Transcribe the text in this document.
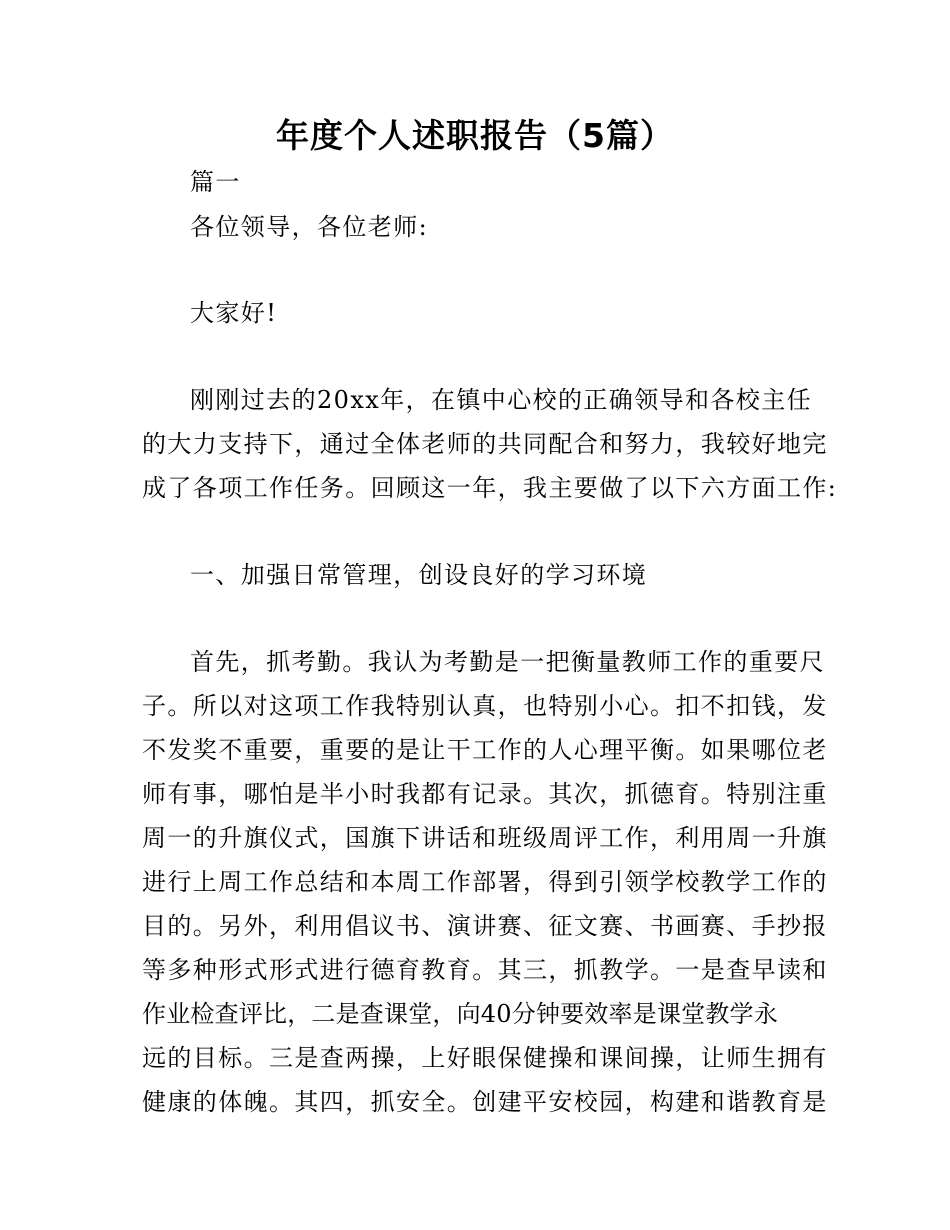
年度个人述职报告（5篇）
篇一
各位领导，各位老师:
大家好!
刚刚过去的20xx年，在镇中心校的正确领导和各校主任
的大力支持下，通过全体老师的共同配合和努力，我较好地完
成了各项工作任务。回顾这一年，我主要做了以下六方面工作:
一、加强日常管理，创设良好的学习环境
首先，抓考勤。我认为考勤是一把衡量教师工作的重要尺
子。所以对这项工作我特别认真，也特别小心。扣不扣钱，发
不发奖不重要，重要的是让干工作的人心理平衡。如果哪位老
师有事，哪怕是半小时我都有记录。其次，抓德育。特别注重
周一的升旗仪式，国旗下讲话和班级周评工作，利用周一升旗
进行上周工作总结和本周工作部署，得到引领学校教学工作的
目的。另外，利用倡议书、演讲赛、征文赛、书画赛、手抄报
等多种形式形式进行德育教育。其三，抓教学。一是查早读和
作业检查评比，二是查课堂，向40分钟要效率是课堂教学永
远的目标。三是查两操，上好眼保健操和课间操，让师生拥有
健康的体魄。其四，抓安全。创建平安校园，构建和谐教育是
